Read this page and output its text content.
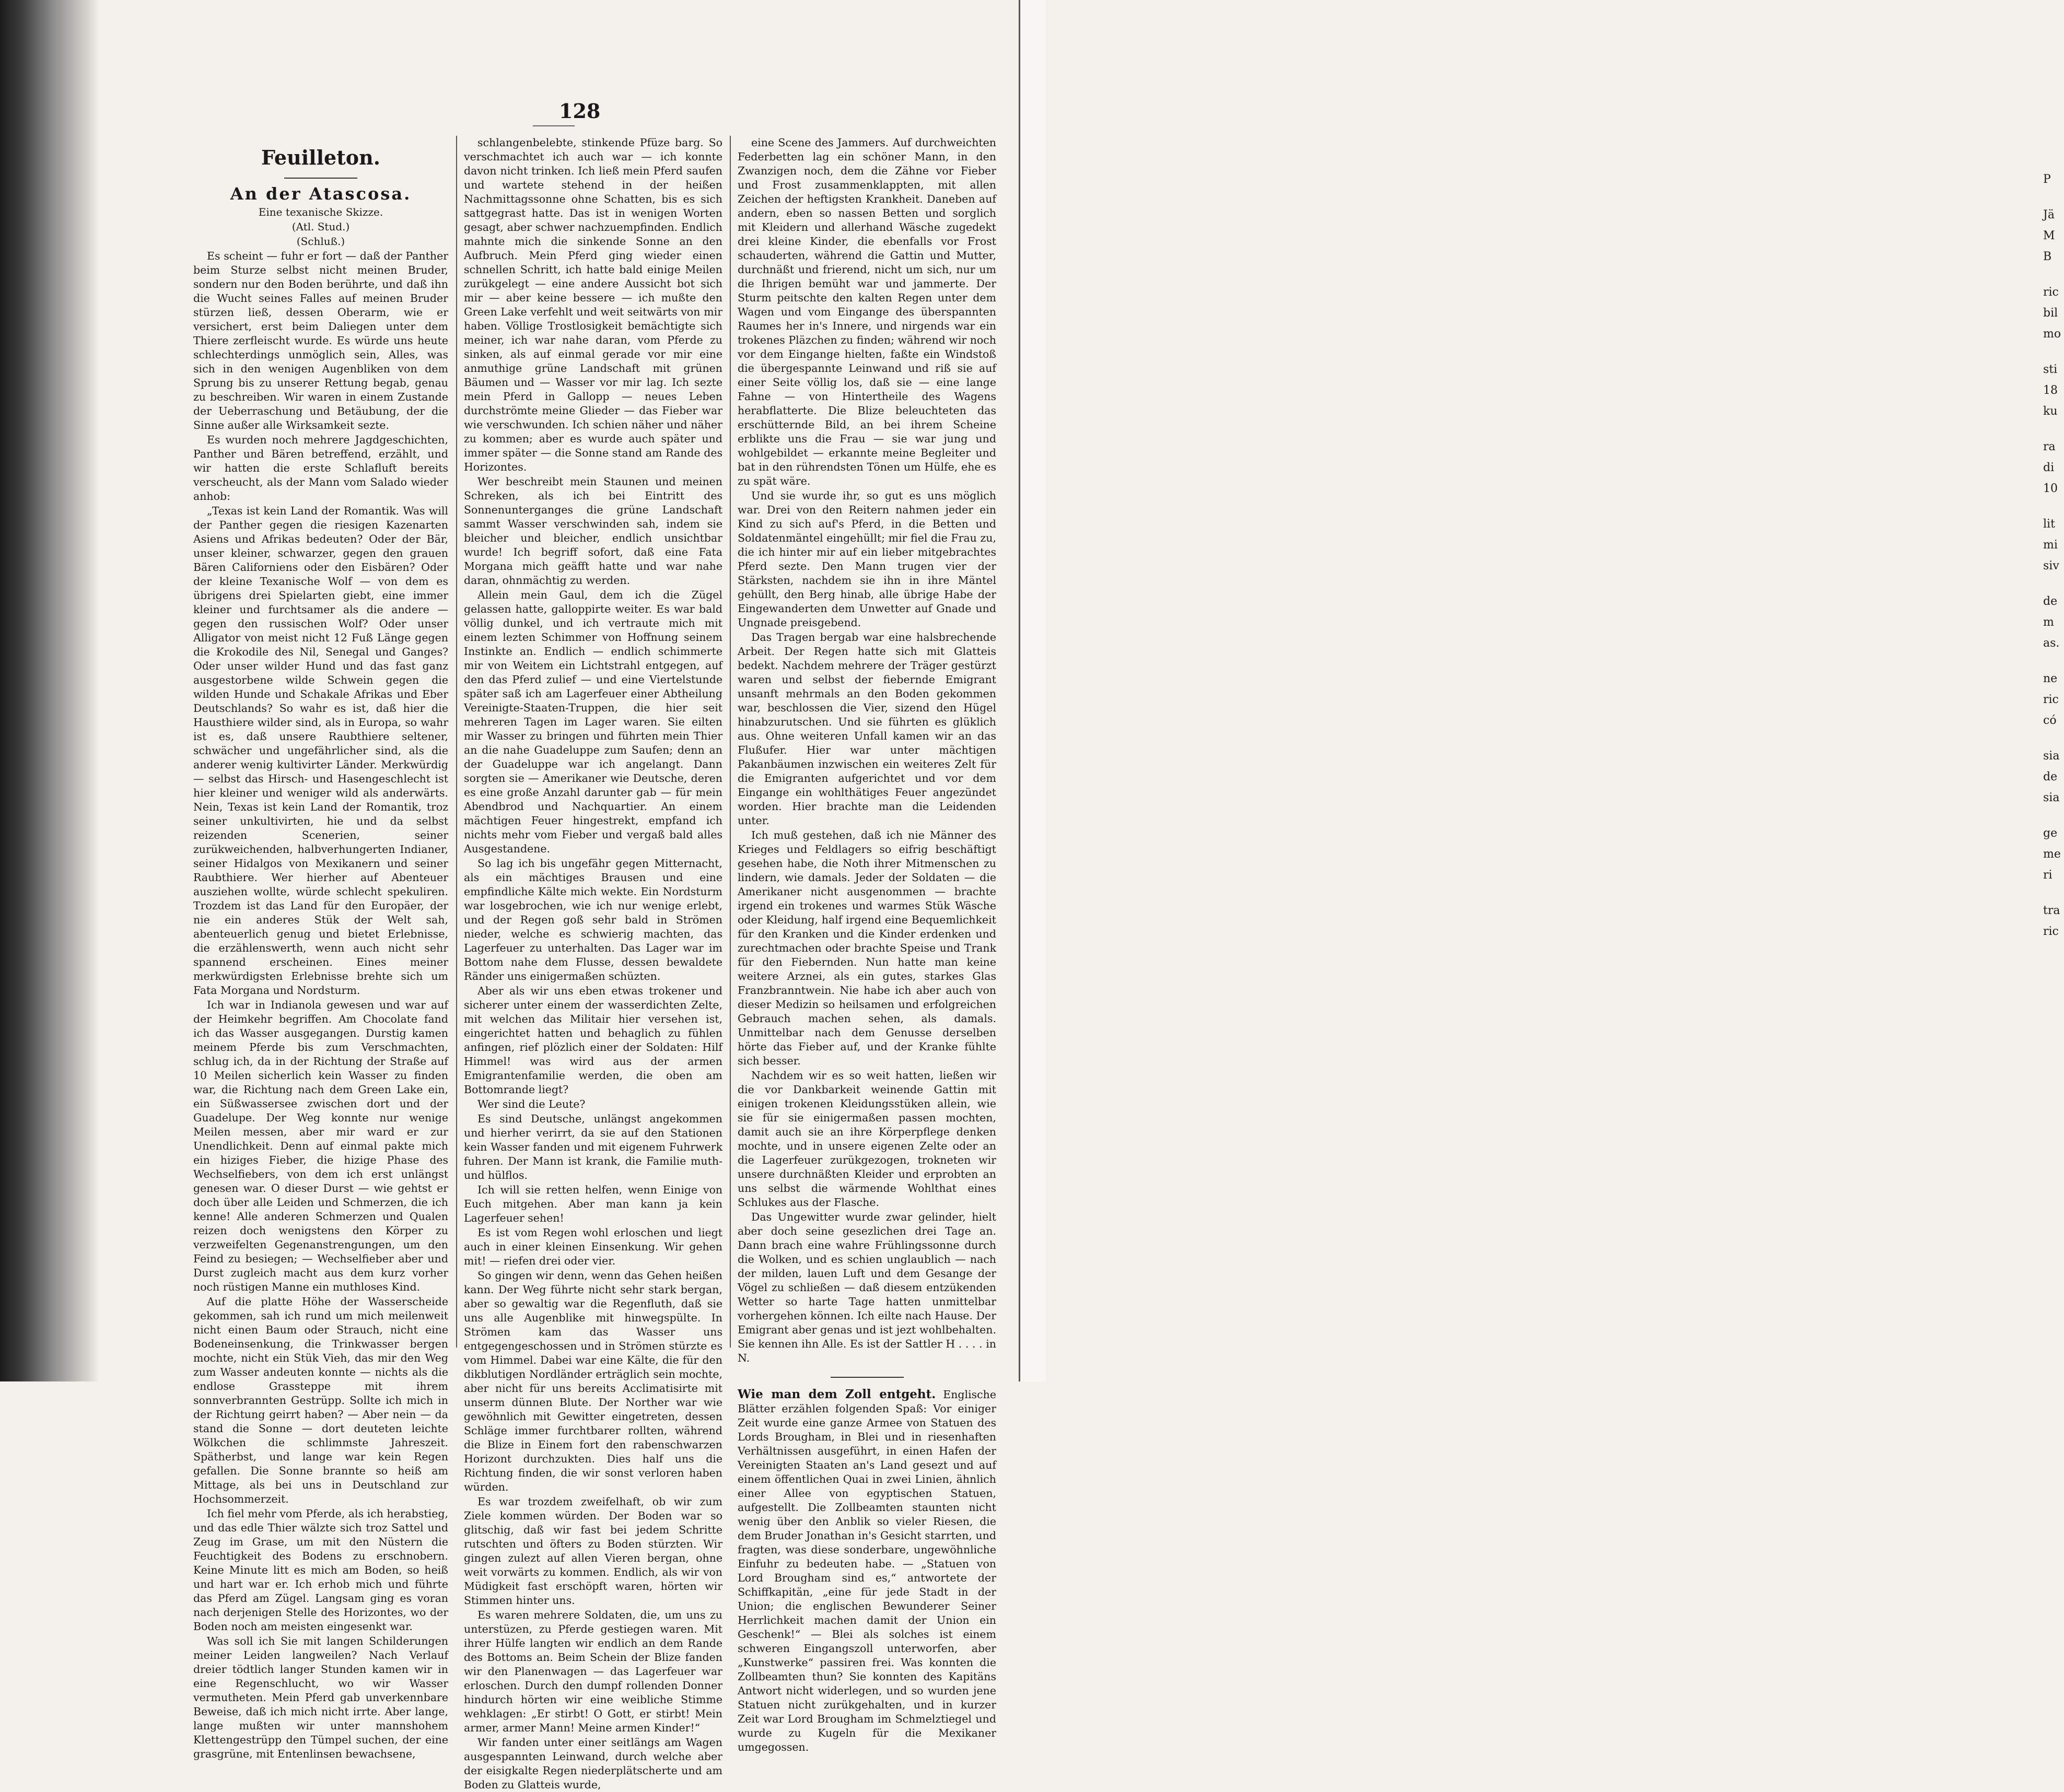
P
Jä
M
B
ric
bil
mo
sti
18
ku
ra
di
10
lit
mi
siv
de
m
as.
ne
ric
có
sia
de
sia
ge
me
ri
tra
ric
128
Feuilleton.
An der Atascosa.

Eine texanische Skizze.

(Atl. Stud.)

(Schluß.)

Es scheint — fuhr er fort — daß der Panther beim Sturze selbst nicht meinen Bruder, sondern nur den Boden berührte, und daß ihn die Wucht seines Falles auf meinen Bruder stürzen ließ, dessen Oberarm, wie er versichert, erst beim Daliegen unter dem Thiere zerfleischt wurde. Es würde uns heute schlechterdings unmöglich sein, Alles, was sich in den wenigen Augenbliken von dem Sprung bis zu unserer Rettung begab, genau zu beschreiben. Wir waren in einem Zustande der Ueberraschung und Betäubung, der die Sinne außer alle Wirksamkeit sezte.

Es wurden noch mehrere Jagdgeschichten, Panther und Bären betreffend, erzählt, und wir hatten die erste Schlafluft bereits verscheucht, als der Mann vom Salado wieder anhob:

„Texas ist kein Land der Romantik. Was will der Panther gegen die riesigen Kazenarten Asiens und Afrikas bedeuten? Oder der Bär, unser kleiner, schwarzer, gegen den grauen Bären Californiens oder den Eisbären? Oder der kleine Texanische Wolf — von dem es übrigens drei Spielarten giebt, eine immer kleiner und furchtsamer als die andere — gegen den russischen Wolf? Oder unser Alligator von meist nicht 12 Fuß Länge gegen die Krokodile des Nil, Senegal und Ganges? Oder unser wilder Hund und das fast ganz ausgestorbene wilde Schwein gegen die wilden Hunde und Schakale Afrikas und Eber Deutschlands? So wahr es ist, daß hier die Hausthiere wilder sind, als in Europa, so wahr ist es, daß unsere Raubthiere seltener, schwächer und ungefährlicher sind, als die anderer wenig kultivirter Länder. Merkwürdig — selbst das Hirsch- und Hasengeschlecht ist hier kleiner und weniger wild als anderwärts. Nein, Texas ist kein Land der Romantik, troz seiner unkultivirten, hie und da selbst reizenden Scenerien, seiner zurükweichenden, halbverhungerten Indianer, seiner Hidalgos von Mexikanern und seiner Raubthiere. Wer hierher auf Abenteuer ausziehen wollte, würde schlecht spekuliren. Trozdem ist das Land für den Europäer, der nie ein anderes Stük der Welt sah, abenteuerlich genug und bietet Erlebnisse, die erzählenswerth, wenn auch nicht sehr spannend erscheinen. Eines meiner merkwürdigsten Erlebnisse brehte sich um Fata Morgana und Nordsturm.

Ich war in Indianola gewesen und war auf der Heimkehr begriffen. Am Chocolate fand ich das Wasser ausgegangen. Durstig kamen meinem Pferde bis zum Verschmachten, schlug ich, da in der Richtung der Straße auf 10 Meilen sicherlich kein Wasser zu finden war, die Richtung nach dem Green Lake ein, ein Süßwassersee zwischen dort und der Guadelupe. Der Weg konnte nur wenige Meilen messen, aber mir ward er zur Unendlichkeit. Denn auf einmal pakte mich ein hiziges Fieber, die hizige Phase des Wechselfiebers, von dem ich erst unlängst genesen war. O dieser Durst — wie gehtst er doch über alle Leiden und Schmerzen, die ich kenne! Alle anderen Schmerzen und Qualen reizen doch wenigstens den Körper zu verzweifelten Gegenanstrengungen, um den Feind zu besiegen; — Wechselfieber aber und Durst zugleich macht aus dem kurz vorher noch rüstigen Manne ein muthloses Kind.

Auf die platte Höhe der Wasserscheide gekommen, sah ich rund um mich meilenweit nicht einen Baum oder Strauch, nicht eine Bodeneinsenkung, die Trinkwasser bergen mochte, nicht ein Stük Vieh, das mir den Weg zum Wasser andeuten konnte — nichts als die endlose Grassteppe mit ihrem sonnverbrannten Gestrüpp. Sollte ich mich in der Richtung geirrt haben? — Aber nein — da stand die Sonne — dort deuteten leichte Wölkchen die schlimmste Jahreszeit. Spätherbst, und lange war kein Regen gefallen. Die Sonne brannte so heiß am Mittage, als bei uns in Deutschland zur Hochsommerzeit.

Ich fiel mehr vom Pferde, als ich herabstieg, und das edle Thier wälzte sich troz Sattel und Zeug im Grase, um mit den Nüstern die Feuchtigkeit des Bodens zu erschnobern. Keine Minute litt es mich am Boden, so heiß und hart war er. Ich erhob mich und führte das Pferd am Zügel. Langsam ging es voran nach derjenigen Stelle des Horizontes, wo der Boden noch am meisten eingesenkt war.

Was soll ich Sie mit langen Schilderungen meiner Leiden langweilen? Nach Verlauf dreier tödtlich langer Stunden kamen wir in eine Regenschlucht, wo wir Wasser vermutheten. Mein Pferd gab unverkennbare Beweise, daß ich mich nicht irrte. Aber lange, lange mußten wir unter mannshohem Klettengestrüpp den Tümpel suchen, der eine grasgrüne, mit Entenlinsen bewachsene,

schlangenbelebte, stinkende Pfüze barg. So verschmachtet ich auch war — ich konnte davon nicht trinken. Ich ließ mein Pferd saufen und wartete stehend in der heißen Nachmittagssonne ohne Schatten, bis es sich sattgegrast hatte. Das ist in wenigen Worten gesagt, aber schwer nachzuempfinden. Endlich mahnte mich die sinkende Sonne an den Aufbruch. Mein Pferd ging wieder einen schnellen Schritt, ich hatte bald einige Meilen zurükgelegt — eine andere Aussicht bot sich mir — aber keine bessere — ich mußte den Green Lake verfehlt und weit seitwärts von mir haben. Völlige Trostlosigkeit bemächtigte sich meiner, ich war nahe daran, vom Pferde zu sinken, als auf einmal gerade vor mir eine anmuthige grüne Landschaft mit grünen Bäumen und — Wasser vor mir lag. Ich sezte mein Pferd in Gallopp — neues Leben durchströmte meine Glieder — das Fieber war wie verschwunden. Ich schien näher und näher zu kommen; aber es wurde auch später und immer später — die Sonne stand am Rande des Horizontes.

Wer beschreibt mein Staunen und meinen Schreken, als ich bei Eintritt des Sonnenunterganges die grüne Landschaft sammt Wasser verschwinden sah, indem sie bleicher und bleicher, endlich unsichtbar wurde! Ich begriff sofort, daß eine Fata Morgana mich geäfft hatte und war nahe daran, ohnmächtig zu werden.

Allein mein Gaul, dem ich die Zügel gelassen hatte, galloppirte weiter. Es war bald völlig dunkel, und ich vertraute mich mit einem lezten Schimmer von Hoffnung seinem Instinkte an. Endlich — endlich schimmerte mir von Weitem ein Lichtstrahl entgegen, auf den das Pferd zulief — und eine Viertelstunde später saß ich am Lagerfeuer einer Abtheilung Vereinigte-Staaten-Truppen, die hier seit mehreren Tagen im Lager waren. Sie eilten mir Wasser zu bringen und führten mein Thier an die nahe Guadeluppe zum Saufen; denn an der Guadeluppe war ich angelangt. Dann sorgten sie — Amerikaner wie Deutsche, deren es eine große Anzahl darunter gab — für mein Abendbrod und Nachquartier. An einem mächtigen Feuer hingestrekt, empfand ich nichts mehr vom Fieber und vergaß bald alles Ausgestandene.

So lag ich bis ungefähr gegen Mitternacht, als ein mächtiges Brausen und eine empfindliche Kälte mich wekte. Ein Nordsturm war losgebrochen, wie ich nur wenige erlebt, und der Regen goß sehr bald in Strömen nieder, welche es schwierig machten, das Lagerfeuer zu unterhalten. Das Lager war im Bottom nahe dem Flusse, dessen bewaldete Ränder uns einigermaßen schüzten.

Aber als wir uns eben etwas trokener und sicherer unter einem der wasserdichten Zelte, mit welchen das Militair hier versehen ist, eingerichtet hatten und behaglich zu fühlen anfingen, rief plözlich einer der Soldaten: Hilf Himmel! was wird aus der armen Emigrantenfamilie werden, die oben am Bottomrande liegt?

Wer sind die Leute?

Es sind Deutsche, unlängst angekommen und hierher verirrt, da sie auf den Stationen kein Wasser fanden und mit eigenem Fuhrwerk fuhren. Der Mann ist krank, die Familie muth- und hülflos.

Ich will sie retten helfen, wenn Einige von Euch mitgehen. Aber man kann ja kein Lagerfeuer sehen!

Es ist vom Regen wohl erloschen und liegt auch in einer kleinen Einsenkung. Wir gehen mit! — riefen drei oder vier.

So gingen wir denn, wenn das Gehen heißen kann. Der Weg führte nicht sehr stark bergan, aber so gewaltig war die Regenfluth, daß sie uns alle Augenblike mit hinwegspülte. In Strömen kam das Wasser uns entgegengeschossen und in Strömen stürzte es vom Himmel. Dabei war eine Kälte, die für den dikblutigen Nordländer erträglich sein mochte, aber nicht für uns bereits Acclimatisirte mit unserm dünnen Blute. Der Norther war wie gewöhnlich mit Gewitter eingetreten, dessen Schläge immer furchtbarer rollten, während die Blize in Einem fort den rabenschwarzen Horizont durchzukten. Dies half uns die Richtung finden, die wir sonst verloren haben würden.

Es war trozdem zweifelhaft, ob wir zum Ziele kommen würden. Der Boden war so glitschig, daß wir fast bei jedem Schritte rutschten und öfters zu Boden stürzten. Wir gingen zulezt auf allen Vieren bergan, ohne weit vorwärts zu kommen. Endlich, als wir von Müdigkeit fast erschöpft waren, hörten wir Stimmen hinter uns.

Es waren mehrere Soldaten, die, um uns zu unterstüzen, zu Pferde gestiegen waren. Mit ihrer Hülfe langten wir endlich an dem Rande des Bottoms an. Beim Schein der Blize fanden wir den Planenwagen — das Lagerfeuer war erloschen. Durch den dumpf rollenden Donner hindurch hörten wir eine weibliche Stimme wehklagen: „Er stirbt! O Gott, er stirbt! Mein armer, armer Mann! Meine armen Kinder!“

Wir fanden unter einer seitlängs am Wagen ausgespannten Leinwand, durch welche aber der eisigkalte Regen niederplätscherte und am Boden zu Glatteis wurde,

eine Scene des Jammers. Auf durchweichten Federbetten lag ein schöner Mann, in den Zwanzigen noch, dem die Zähne vor Fieber und Frost zusammenklappten, mit allen Zeichen der heftigsten Krankheit. Daneben auf andern, eben so nassen Betten und sorglich mit Kleidern und allerhand Wäsche zugedekt drei kleine Kinder, die ebenfalls vor Frost schauderten, während die Gattin und Mutter, durchnäßt und frierend, nicht um sich, nur um die Ihrigen bemüht war und jammerte. Der Sturm peitschte den kalten Regen unter dem Wagen und vom Eingange des überspannten Raumes her in's Innere, und nirgends war ein trokenes Pläzchen zu finden; während wir noch vor dem Eingange hielten, faßte ein Windstoß die übergespannte Leinwand und riß sie auf einer Seite völlig los, daß sie — eine lange Fahne — von Hintertheile des Wagens herabflatterte. Die Blize beleuchteten das erschütternde Bild, an bei ihrem Scheine erblikte uns die Frau — sie war jung und wohlgebildet — erkannte meine Begleiter und bat in den rührendsten Tönen um Hülfe, ehe es zu spät wäre.

Und sie wurde ihr, so gut es uns möglich war. Drei von den Reitern nahmen jeder ein Kind zu sich auf's Pferd, in die Betten und Soldatenmäntel eingehüllt; mir fiel die Frau zu, die ich hinter mir auf ein lieber mitgebrachtes Pferd sezte. Den Mann trugen vier der Stärksten, nachdem sie ihn in ihre Mäntel gehüllt, den Berg hinab, alle übrige Habe der Eingewanderten dem Unwetter auf Gnade und Ungnade preisgebend.

Das Tragen bergab war eine halsbrechende Arbeit. Der Regen hatte sich mit Glatteis bedekt. Nachdem mehrere der Träger gestürzt waren und selbst der fiebernde Emigrant unsanft mehrmals an den Boden gekommen war, beschlossen die Vier, sizend den Hügel hinabzurutschen. Und sie führten es glüklich aus. Ohne weiteren Unfall kamen wir an das Flußufer. Hier war unter mächtigen Pakanbäumen inzwischen ein weiteres Zelt für die Emigranten aufgerichtet und vor dem Eingange ein wohlthätiges Feuer angezündet worden. Hier brachte man die Leidenden unter.

Ich muß gestehen, daß ich nie Männer des Krieges und Feldlagers so eifrig beschäftigt gesehen habe, die Noth ihrer Mitmenschen zu lindern, wie damals. Jeder der Soldaten — die Amerikaner nicht ausgenommen — brachte irgend ein trokenes und warmes Stük Wäsche oder Kleidung, half irgend eine Bequemlichkeit für den Kranken und die Kinder erdenken und zurechtmachen oder brachte Speise und Trank für den Fiebernden. Nun hatte man keine weitere Arznei, als ein gutes, starkes Glas Franzbranntwein. Nie habe ich aber auch von dieser Medizin so heilsamen und erfolgreichen Gebrauch machen sehen, als damals. Unmittelbar nach dem Genusse derselben hörte das Fieber auf, und der Kranke fühlte sich besser.

Nachdem wir es so weit hatten, ließen wir die vor Dankbarkeit weinende Gattin mit einigen trokenen Kleidungsstüken allein, wie sie für sie einigermaßen passen mochten, damit auch sie an ihre Körperpflege denken mochte, und in unsere eigenen Zelte oder an die Lagerfeuer zurükgezogen, trokneten wir unsere durchnäßten Kleider und erprobten an uns selbst die wärmende Wohlthat eines Schlukes aus der Flasche.

Das Ungewitter wurde zwar gelinder, hielt aber doch seine gesezlichen drei Tage an. Dann brach eine wahre Frühlingssonne durch die Wolken, und es schien unglaublich — nach der milden, lauen Luft und dem Gesange der Vögel zu schließen — daß diesem entzükenden Wetter so harte Tage hatten unmittelbar vorhergehen können. Ich eilte nach Hause. Der Emigrant aber genas und ist jezt wohlbehalten. Sie kennen ihn Alle. Es ist der Sattler H . . . . in N.

Wie man dem Zoll entgeht. Englische Blätter erzählen folgenden Spaß: Vor einiger Zeit wurde eine ganze Armee von Statuen des Lords Brougham, in Blei und in riesenhaften Verhältnissen ausgeführt, in einen Hafen der Vereinigten Staaten an's Land gesezt und auf einem öffentlichen Quai in zwei Linien, ähnlich einer Allee von egyptischen Statuen, aufgestellt. Die Zollbeamten staunten nicht wenig über den Anblik so vieler Riesen, die dem Bruder Jonathan in's Gesicht starrten, und fragten, was diese sonderbare, ungewöhnliche Einfuhr zu bedeuten habe. — „Statuen von Lord Brougham sind es,“ antwortete der Schiffkapitän, „eine für jede Stadt in der Union; die englischen Bewunderer Seiner Herrlichkeit machen damit der Union ein Geschenk!“ — Blei als solches ist einem schweren Eingangszoll unterworfen, aber „Kunstwerke“ passiren frei. Was konnten die Zollbeamten thun? Sie konnten des Kapitäns Antwort nicht widerlegen, und so wurden jene Statuen nicht zurükgehalten, und in kurzer Zeit war Lord Brougham im Schmelztiegel und wurde zu Kugeln für die Mexikaner umgegossen.
